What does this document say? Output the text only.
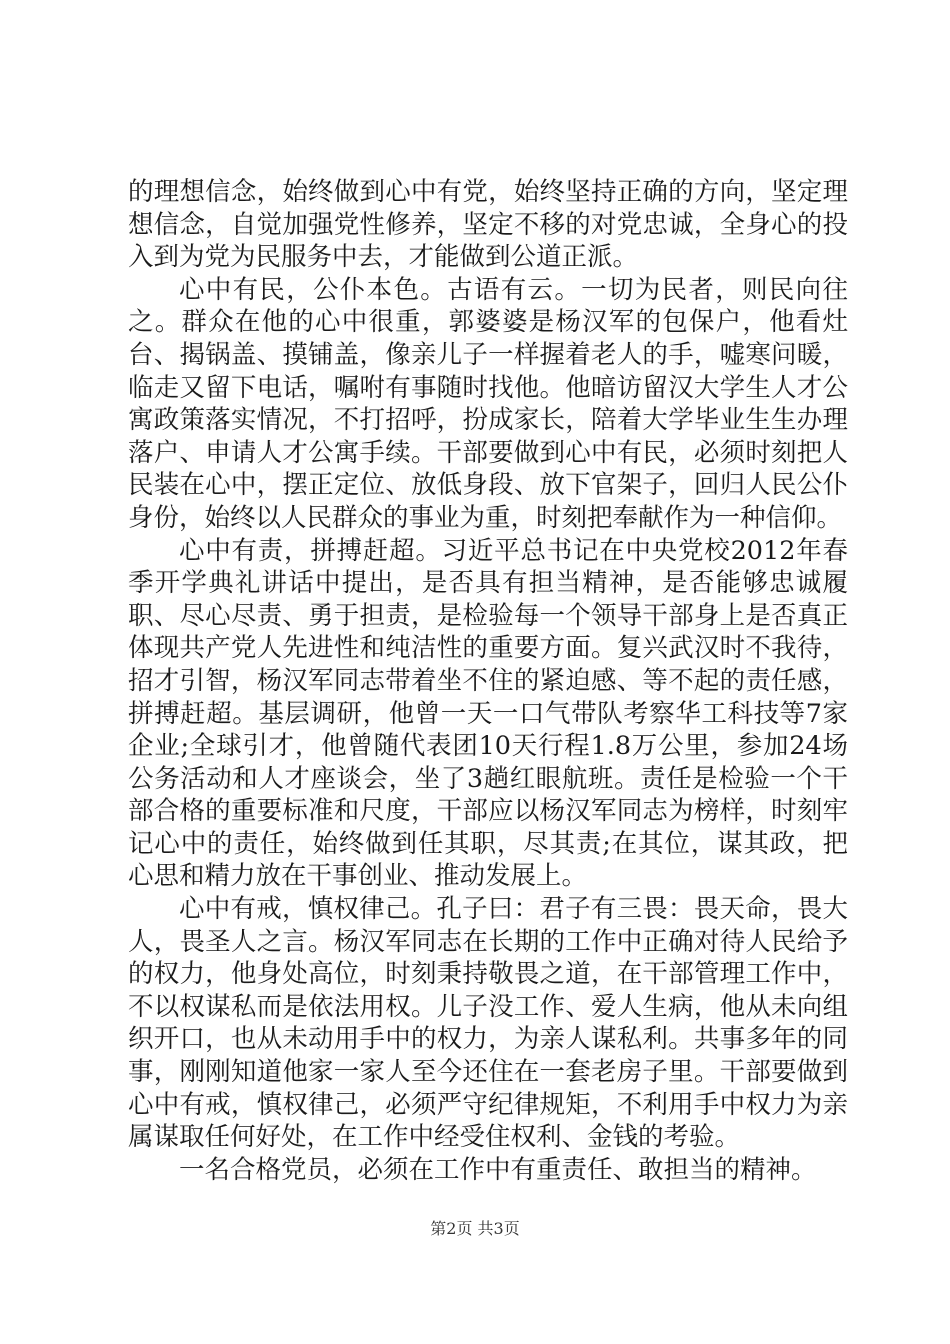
的理想信念，始终做到心中有党，始终坚持正确的方向，坚定理想信念，自觉加强党性修养，坚定不移的对党忠诚，全身心的投入到为党为民服务中去，才能做到公道正派。

心中有民，公仆本色。古语有云。一切为民者，则民向往之。群众在他的心中很重，郭婆婆是杨汉军的包保户，他看灶台、揭锅盖、摸铺盖，像亲儿子一样握着老人的手，嘘寒问暖，临走又留下电话，嘱咐有事随时找他。他暗访留汉大学生人才公寓政策落实情况，不打招呼，扮成家长，陪着大学毕业生生办理落户、申请人才公寓手续。干部要做到心中有民，必须时刻把人民装在心中，摆正定位、放低身段、放下官架子，回归人民公仆身份，始终以人民群众的事业为重，时刻把奉献作为一种信仰。

心中有责，拼搏赶超。习近平总书记在中央党校2012年春季开学典礼讲话中提出，是否具有担当精神，是否能够忠诚履职、尽心尽责、勇于担责，是检验每一个领导干部身上是否真正体现共产党人先进性和纯洁性的重要方面。复兴武汉时不我待，招才引智，杨汉军同志带着坐不住的紧迫感、等不起的责任感，拼搏赶超。基层调研，他曾一天一口气带队考察华工科技等7家企业;全球引才，他曾随代表团10天行程1.8万公里，参加24场公务活动和人才座谈会，坐了3趟红眼航班。责任是检验一个干部合格的重要标准和尺度，干部应以杨汉军同志为榜样，时刻牢记心中的责任，始终做到任其职，尽其责;在其位，谋其政，把心思和精力放在干事创业、推动发展上。

心中有戒，慎权律己。孔子曰：君子有三畏：畏天命，畏大人，畏圣人之言。杨汉军同志在长期的工作中正确对待人民给予的权力，他身处高位，时刻秉持敬畏之道，在干部管理工作中，不以权谋私而是依法用权。儿子没工作、爱人生病，他从未向组织开口，也从未动用手中的权力，为亲人谋私利。共事多年的同事，刚刚知道他家一家人至今还住在一套老房子里。干部要做到心中有戒，慎权律己，必须严守纪律规矩，不利用手中权力为亲属谋取任何好处，在工作中经受住权利、金钱的考验。

一名合格党员，必须在工作中有重责任、敢担当的精神。

第2页 共3页
